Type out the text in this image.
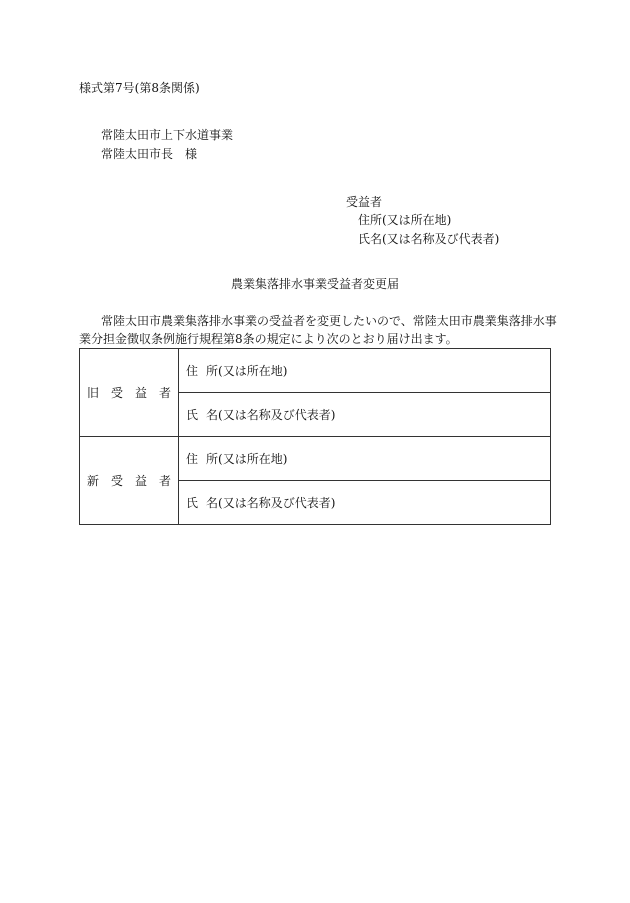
様式第7号(第8条関係)
常陸太田市上下水道事業
常陸太田市長　様
受益者
住所(又は所在地)
氏名(又は名称及び代表者)
農業集落排水事業受益者変更届
常陸太田市農業集落排水事業の受益者を変更したいので、常陸太田市農業集落排水事
業分担金徴収条例施行規程第8条の規定により次のとおり届け出ます。
旧受益者	住 所(又は所在地)
	氏 名(又は名称及び代表者)
新受益者	住 所(又は所在地)
	氏 名(又は名称及び代表者)
